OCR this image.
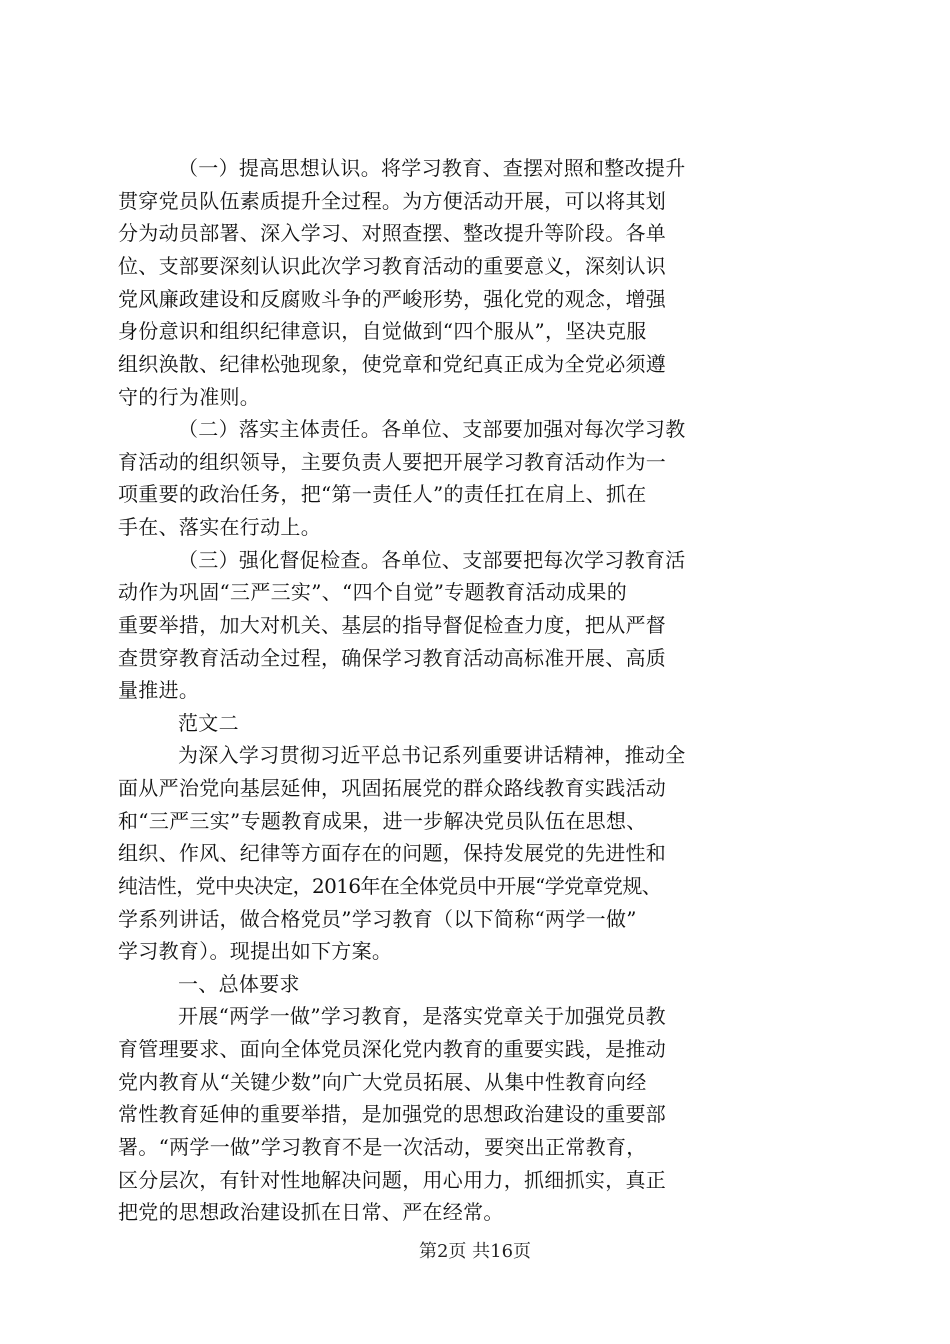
（一）提高思想认识。将学习教育、查摆对照和整改提升
贯穿党员队伍素质提升全过程。为方便活动开展，可以将其划
分为动员部署、深入学习、对照查摆、整改提升等阶段。各单
位、支部要深刻认识此次学习教育活动的重要意义，深刻认识
党风廉政建设和反腐败斗争的严峻形势，强化党的观念，增强
身份意识和组织纪律意识，自觉做到“四个服从”，坚决克服
组织涣散、纪律松弛现象，使党章和党纪真正成为全党必须遵
守的行为准则。
（二）落实主体责任。各单位、支部要加强对每次学习教
育活动的组织领导，主要负责人要把开展学习教育活动作为一
项重要的政治任务，把“第一责任人”的责任扛在肩上、抓在
手在、落实在行动上。
（三）强化督促检查。各单位、支部要把每次学习教育活
动作为巩固“三严三实”、“四个自觉”专题教育活动成果的
重要举措，加大对机关、基层的指导督促检查力度，把从严督
查贯穿教育活动全过程，确保学习教育活动高标准开展、高质
量推进。
范文二
为深入学习贯彻习近平总书记系列重要讲话精神，推动全
面从严治党向基层延伸，巩固拓展党的群众路线教育实践活动
和“三严三实”专题教育成果，进一步解决党员队伍在思想、
组织、作风、纪律等方面存在的问题，保持发展党的先进性和
纯洁性，党中央决定，2016年在全体党员中开展“学党章党规、
学系列讲话，做合格党员”学习教育（以下简称“两学一做”
学习教育）。现提出如下方案。
一、总体要求
第2页 共16页
开展“两学一做”学习教育，是落实党章关于加强党员教
育管理要求、面向全体党员深化党内教育的重要实践，是推动
党内教育从“关键少数”向广大党员拓展、从集中性教育向经
常性教育延伸的重要举措，是加强党的思想政治建设的重要部
署。“两学一做”学习教育不是一次活动，要突出正常教育，
区分层次，有针对性地解决问题，用心用力，抓细抓实，真正
把党的思想政治建设抓在日常、严在经常。
